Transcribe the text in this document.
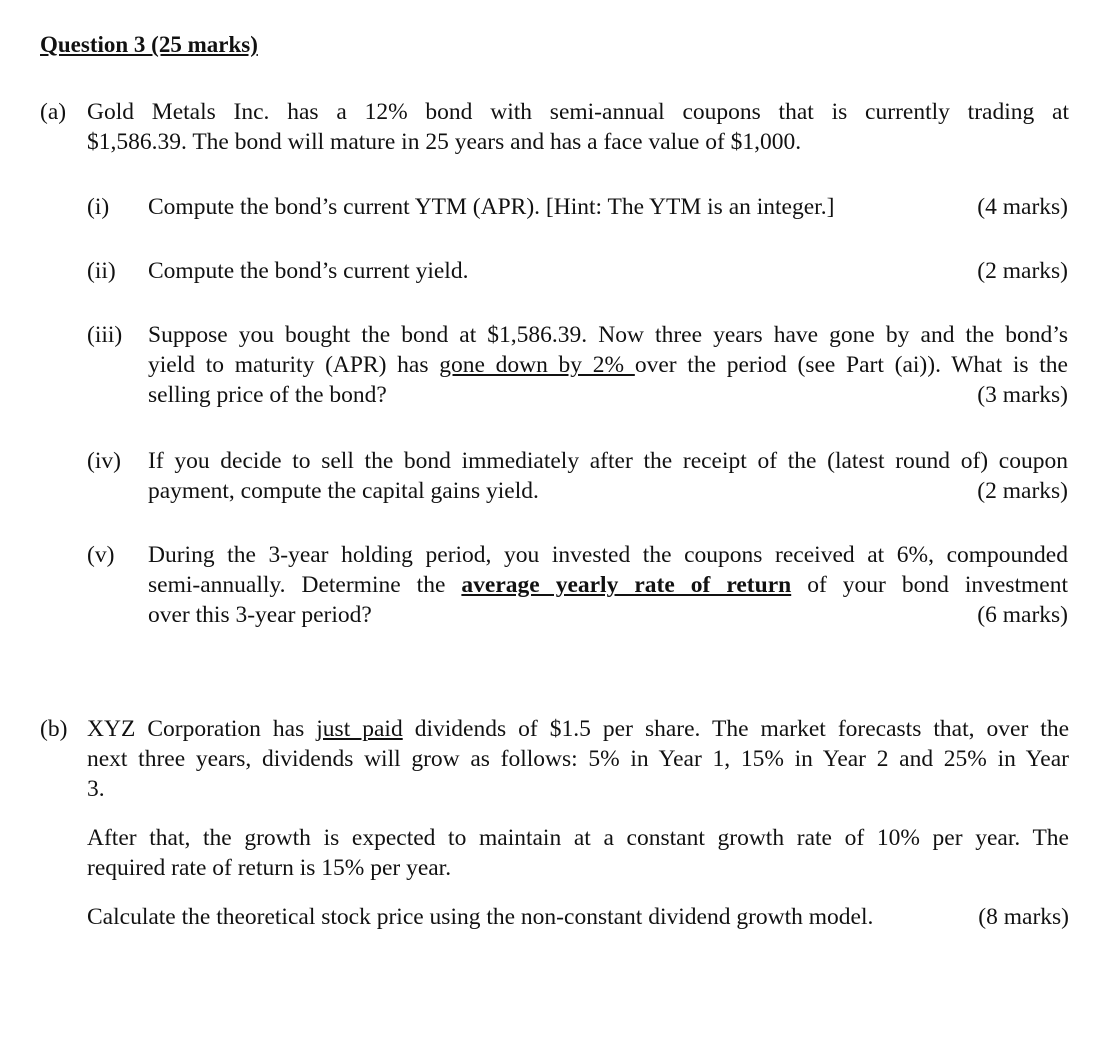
Question 3 (25 marks)
(a) Gold Metals Inc. has a 12% bond with semi-annual coupons that is currently trading at
$1,586.39. The bond will mature in 25 years and has a face value of $1,000.
(i) Compute the bond’s current YTM (APR). [Hint: The YTM is an integer.]	(4 marks)
(ii) Compute the bond’s current yield.	(2 marks)
(iii) Suppose you bought the bond at $1,586.39. Now three years have gone by and the bond’s
yield to maturity (APR) has gone down by 2% over the period (see Part (ai)). What is the
selling price of the bond?	(3 marks)
(iv) If you decide to sell the bond immediately after the receipt of the (latest round of) coupon
payment, compute the capital gains yield.	(2 marks)
(v) During the 3-year holding period, you invested the coupons received at 6%, compounded
semi-annually. Determine the average yearly rate of return of your bond investment
over this 3-year period?	(6 marks)
(b) XYZ Corporation has just paid dividends of $1.5 per share. The market forecasts that, over the
next three years, dividends will grow as follows: 5% in Year 1, 15% in Year 2 and 25% in Year
3.
After that, the growth is expected to maintain at a constant growth rate of 10% per year. The
required rate of return is 15% per year.
Calculate the theoretical stock price using the non-constant dividend growth model.	(8 marks)
